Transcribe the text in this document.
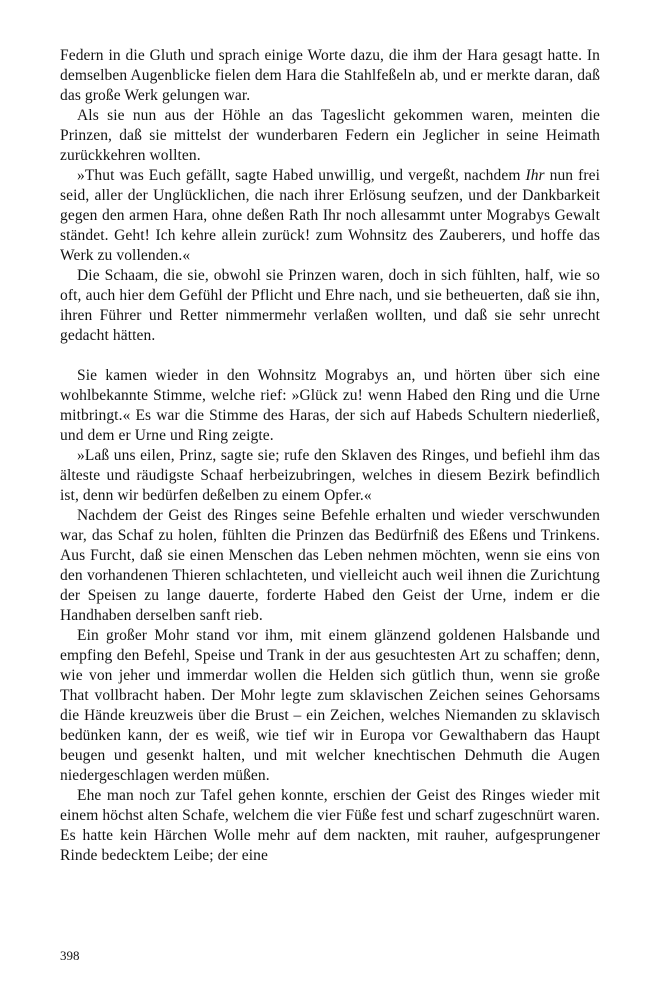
Federn in die Gluth und sprach einige Worte dazu, die ihm der Hara gesagt hatte. In demselben Augenblicke fielen dem Hara die Stahlfeßeln ab, und er merkte daran, daß das große Werk gelungen war.

Als sie nun aus der Höhle an das Tageslicht gekommen waren, meinten die Prinzen, daß sie mittelst der wunderbaren Federn ein Jeglicher in seine Heimath zurückkehren wollten.

»Thut was Euch gefällt, sagte Habed unwillig, und vergeßt, nachdem Ihr nun frei seid, aller der Unglücklichen, die nach ihrer Erlösung seufzen, und der Dankbarkeit gegen den armen Hara, ohne deßen Rath Ihr noch allesammt unter Mograbys Gewalt ständet. Geht! Ich kehre allein zurück! zum Wohnsitz des Zauberers, und hoffe das Werk zu vollenden.«

Die Schaam, die sie, obwohl sie Prinzen waren, doch in sich fühlten, half, wie so oft, auch hier dem Gefühl der Pflicht und Ehre nach, und sie betheuerten, daß sie ihn, ihren Führer und Retter nimmermehr verlaßen wollten, und daß sie sehr unrecht gedacht hätten.

Sie kamen wieder in den Wohnsitz Mograbys an, und hörten über sich eine wohlbekannte Stimme, welche rief: »Glück zu! wenn Habed den Ring und die Urne mitbringt.« Es war die Stimme des Haras, der sich auf Habeds Schultern niederließ, und dem er Urne und Ring zeigte.

»Laß uns eilen, Prinz, sagte sie; rufe den Sklaven des Ringes, und befiehl ihm das älteste und räudigste Schaaf herbeizubringen, welches in diesem Bezirk befindlich ist, denn wir bedürfen deßelben zu einem Opfer.«

Nachdem der Geist des Ringes seine Befehle erhalten und wieder verschwunden war, das Schaf zu holen, fühlten die Prinzen das Bedürfniß des Eßens und Trinkens. Aus Furcht, daß sie einen Menschen das Leben nehmen möchten, wenn sie eins von den vorhandenen Thieren schlachteten, und vielleicht auch weil ihnen die Zurichtung der Speisen zu lange dauerte, forderte Habed den Geist der Urne, indem er die Handhaben derselben sanft rieb.

Ein großer Mohr stand vor ihm, mit einem glänzend goldenen Halsbande und empfing den Befehl, Speise und Trank in der aus gesuchtesten Art zu schaffen; denn, wie von jeher und immerdar wollen die Helden sich gütlich thun, wenn sie große That vollbracht haben. Der Mohr legte zum sklavischen Zeichen seines Gehorsams die Hände kreuzweis über die Brust – ein Zeichen, welches Niemanden zu sklavisch bedünken kann, der es weiß, wie tief wir in Europa vor Gewalthabern das Haupt beugen und gesenkt halten, und mit welcher knechtischen Dehmuth die Augen niedergeschlagen werden müßen.

Ehe man noch zur Tafel gehen konnte, erschien der Geist des Ringes wieder mit einem höchst alten Schafe, welchem die vier Füße fest und scharf zugeschnürt waren. Es hatte kein Härchen Wolle mehr auf dem nackten, mit rauher, aufgesprungener Rinde bedecktem Leibe; der eine

398
